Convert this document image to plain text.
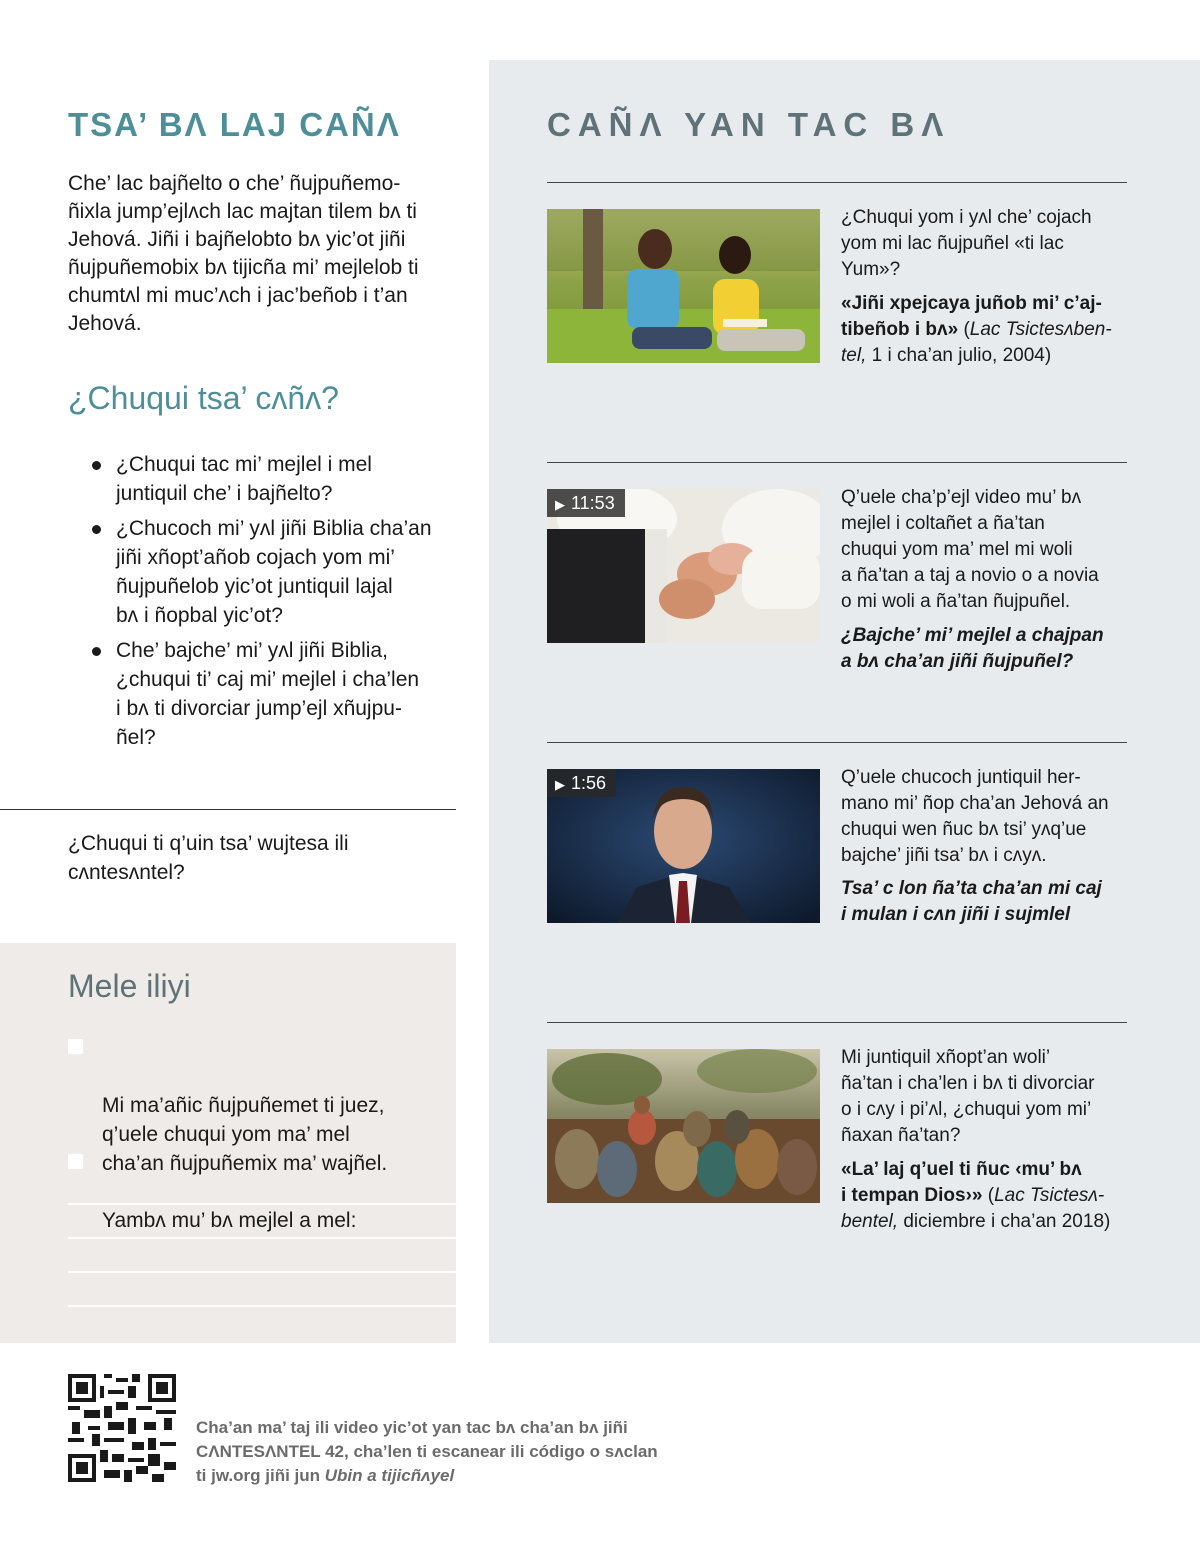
TSA’ BɅ LAJ CAÑɅ

Che’ lac bajñelto o che’ ñujpuñemo-
ñixla jump’ejlʌch lac majtan tilem bʌ ti
Jehová. Jiñi i bajñelobto bʌ yic’ot jiñi
ñujpuñemobix bʌ tijicña mi’ mejlelob ti
chumtʌl mi muc’ʌch i jac’beñob i t’an
Jehová.

¿Chuqui tsa’ cʌñʌ?
¿Chuqui tac mi’ mejlel i mel
juntiquil che’ i bajñelto?
¿Chucoch mi’ yʌl jiñi Biblia cha’an
jiñi xñopt’añob cojach yom mi’
ñujpuñelob yic’ot juntiquil lajal
bʌ i ñopbal yic’ot?
Che’ bajche’ mi’ yʌl jiñi Biblia,
¿chuqui ti’ caj mi’ mejlel i cha’len
i bʌ ti divorciar jump’ejl xñujpu-
ñel?

¿Chuqui ti q’uin tsa’ wujtesa ili
cʌntesʌntel?

Mele iliyi

Mi ma’añic ñujpuñemet ti juez,
q’uele chuqui yom ma’ mel
cha’an ñujpuñemix ma’ wajñel.

Yambʌ mu’ bʌ mejlel a mel:

CAÑɅ YAN TAC BɅ

¿Chuqui yom i yʌl che’ cojach
yom mi lac ñujpuñel «ti lac
Yum»?

«Jiñi xpejcaya juñob mi’ c’aj-
tibeñob i bʌ» (Lac Tsictesʌben-
tel, 1 i cha’an julio, 2004)

▶ 11:53	Q’uele cha’p’ejl video mu’ bʌ
mejlel i coltañet a ña’tan
chuqui yom ma’ mel mi woli
a ña’tan a taj a novio o a novia
o mi woli a ña’tan ñujpuñel.

¿Bajche’ mi’ mejlel a chajpan
a bʌ cha’an jiñi ñujpuñel?

▶ 1:56	Q’uele chucoch juntiquil her-
mano mi’ ñop cha’an Jehová an
chuqui wen ñuc bʌ tsi’ yʌq’ue
bajche’ jiñi tsa’ bʌ i cʌyʌ.

Tsa’ c lon ña’ta cha’an mi caj
i mulan i cʌn jiñi i sujmlel

Mi juntiquil xñopt’an woli’
ña’tan i cha’len i bʌ ti divorciar
o i cʌy i pi’ʌl, ¿chuqui yom mi’
ñaxan ña’tan?

«La’ laj q’uel ti ñuc ‹mu’ bʌ
i tempan Dios›» (Lac Tsictesʌ-
bentel, diciembre i cha’an 2018)

Cha’an ma’ taj ili video yic’ot yan tac bʌ cha’an bʌ jiñi
CɅNTESɅNTEL 42, cha’len ti escanear ili código o sʌclan
ti jw.org jiñi jun Ubin a tijicñʌyel
